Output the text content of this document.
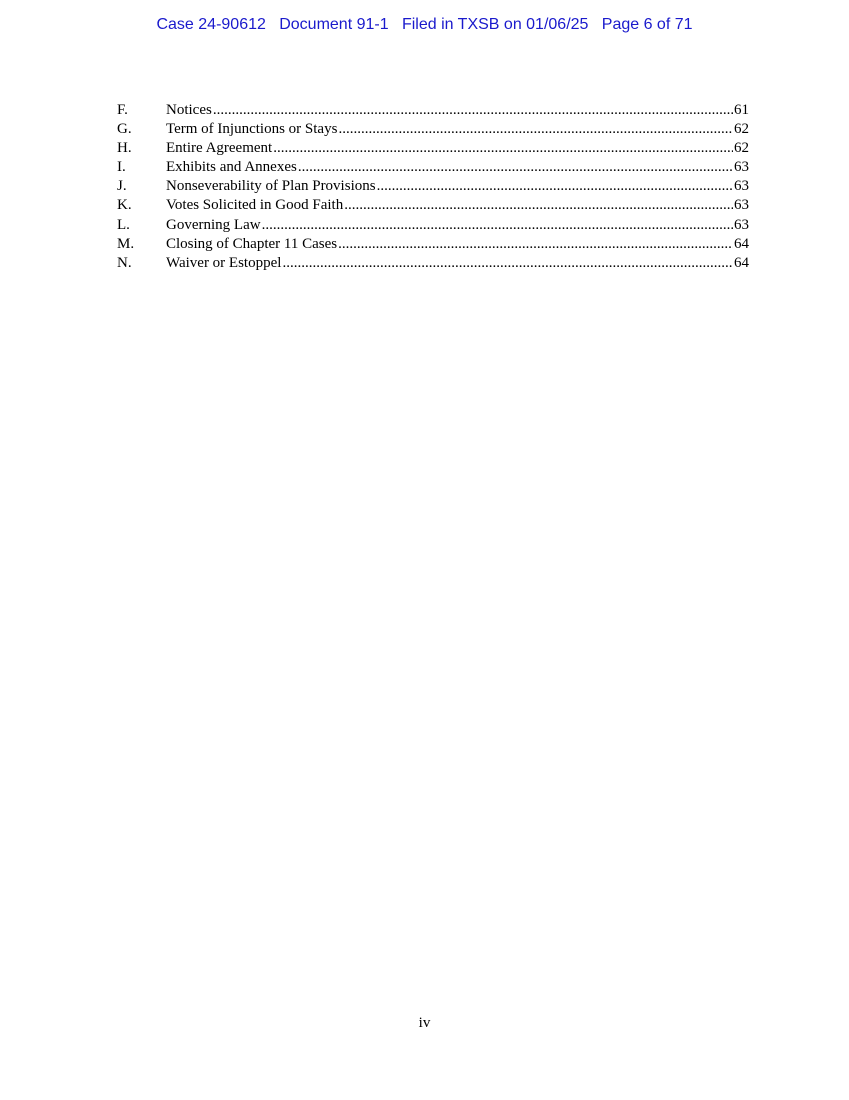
Case 24-90612   Document 91-1   Filed in TXSB on 01/06/25   Page 6 of 71
F.	Notices .....	61
G.	Term of Injunctions or Stays .....	62
H.	Entire Agreement .....	62
I.	Exhibits and Annexes .....	63
J.	Nonseverability of Plan Provisions .....	63
K.	Votes Solicited in Good Faith .....	63
L.	Governing Law .....	63
M.	Closing of Chapter 11 Cases .....	64
N.	Waiver or Estoppel .....	64
iv
